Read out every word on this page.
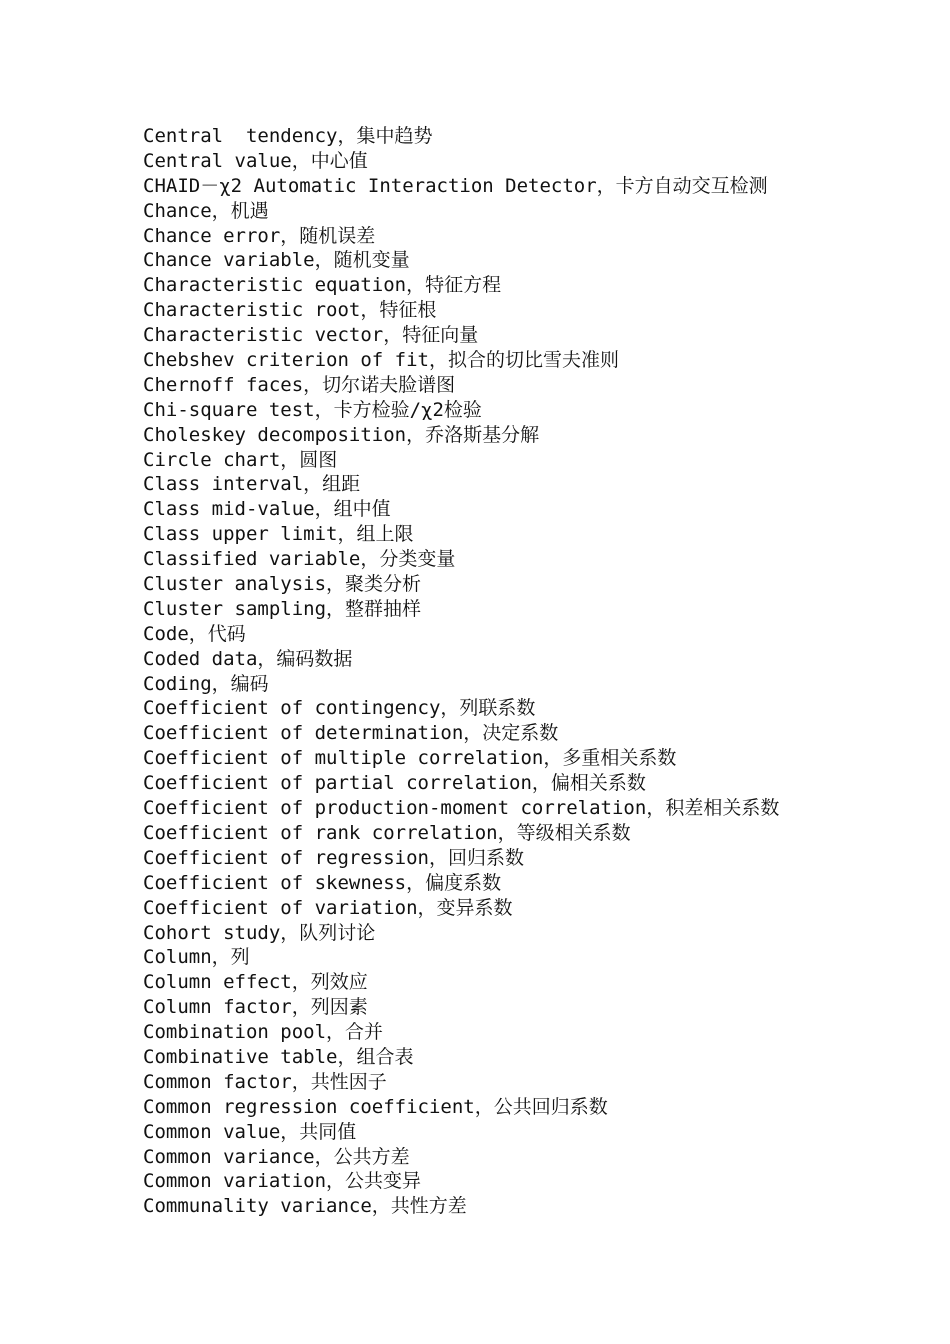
Central  tendency，集中趋势
Central value，中心值
CHAID－χ2 Automatic Interaction Detector，卡方自动交互检测
Chance，机遇
Chance error，随机误差
Chance variable，随机变量
Characteristic equation，特征方程
Characteristic root，特征根
Characteristic vector，特征向量
Chebshev criterion of fit，拟合的切比雪夫准则
Chernoff faces，切尔诺夫脸谱图
Chi-square test，卡方检验/χ2检验
Choleskey decomposition，乔洛斯基分解
Circle chart，圆图
Class interval，组距
Class mid-value，组中值
Class upper limit，组上限
Classified variable，分类变量
Cluster analysis，聚类分析
Cluster sampling，整群抽样
Code，代码
Coded data，编码数据
Coding，编码
Coefficient of contingency，列联系数
Coefficient of determination，决定系数
Coefficient of multiple correlation，多重相关系数
Coefficient of partial correlation，偏相关系数
Coefficient of production-moment correlation，积差相关系数
Coefficient of rank correlation，等级相关系数
Coefficient of regression，回归系数
Coefficient of skewness，偏度系数
Coefficient of variation，变异系数
Cohort study，队列讨论
Column，列
Column effect，列效应
Column factor，列因素
Combination pool，合并
Combinative table，组合表
Common factor，共性因子
Common regression coefficient，公共回归系数
Common value，共同值
Common variance，公共方差
Common variation，公共变异
Communality variance，共性方差
